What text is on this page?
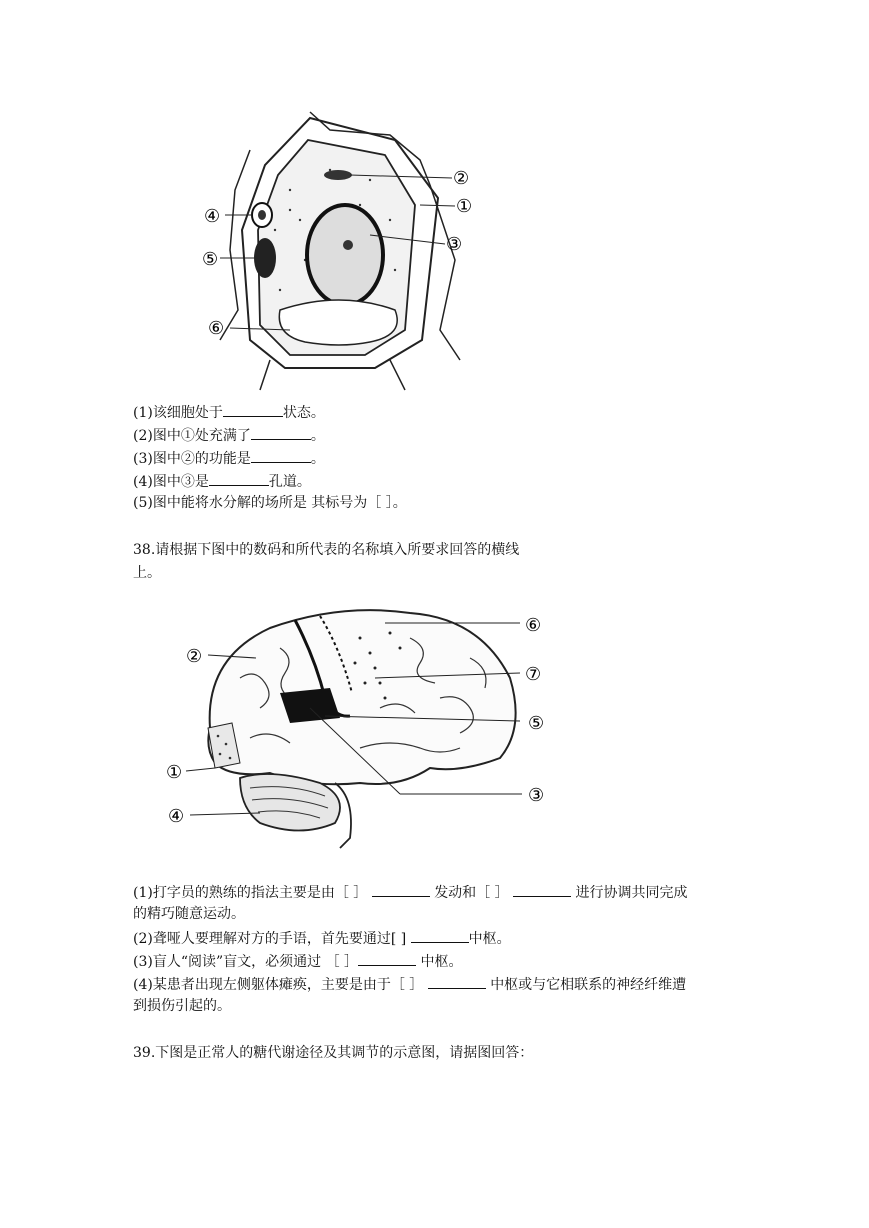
②
①
③
④
⑤
⑥
(1)该细胞处于	状态。
(2)图中①处充满了	。
(3)图中②的功能是	。
(4)图中③是	孔道。
(5)图中能将水分解的场所是 其标号为［ ］。
38.请根据下图中的数码和所代表的名称填入所要求回答的横线
上。
②
⑥
⑦
⑤
①
③
④
(1)打字员的熟练的指法主要是由［ ］	发动和［ ］	进行协调共同完成
的精巧随意运动。
(2)聋哑人要理解对方的手语，首先要通过[ ]	中枢。
(3)盲人“阅读”盲文，必须通过 ［ ］	中枢。
(4)某患者出现左侧躯体瘫痪，主要是由于［ ］	中枢或与它相联系的神经纤维遭
到损伤引起的。
39.下图是正常人的糖代谢途径及其调节的示意图，请据图回答：
